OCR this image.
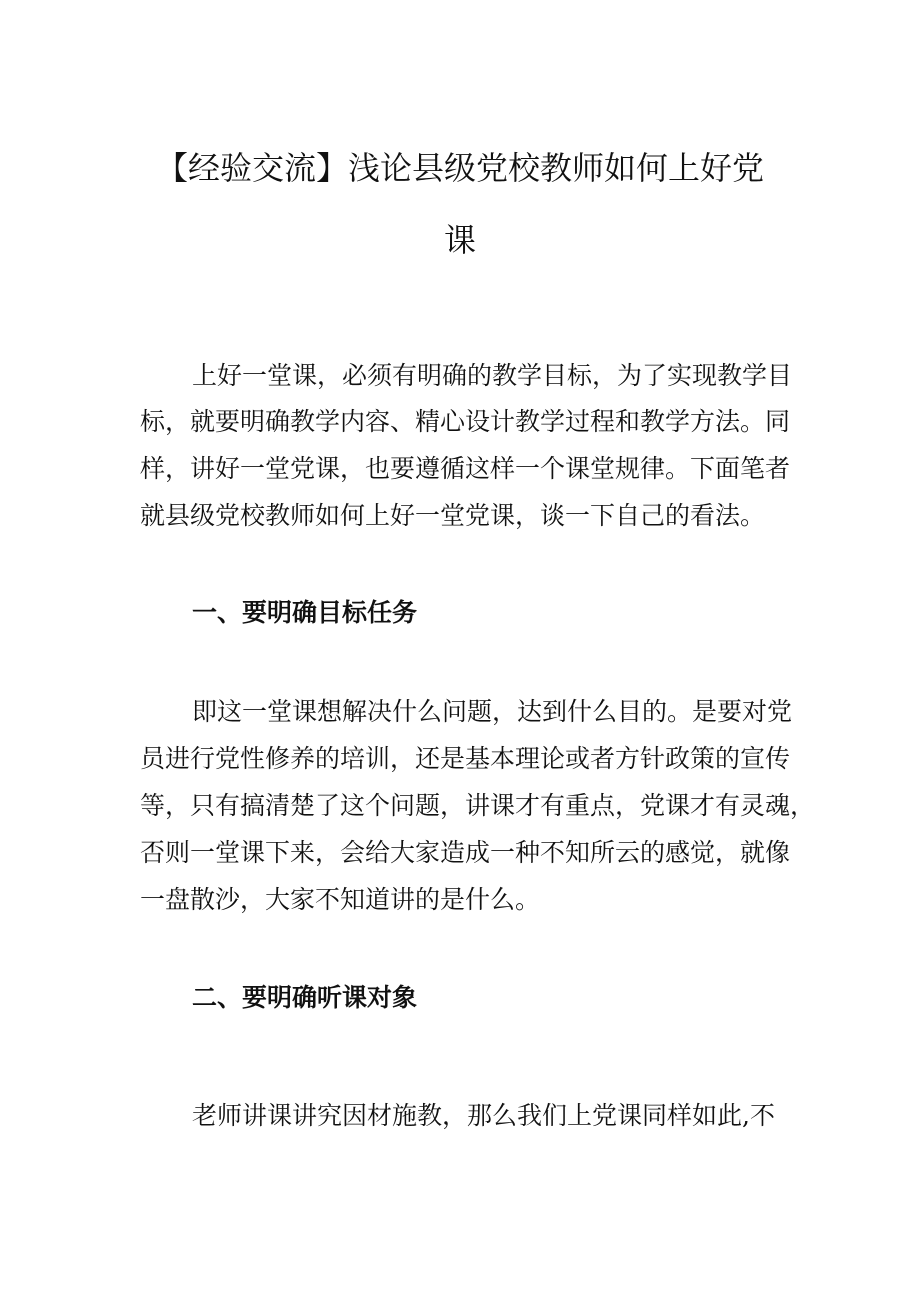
【经验交流】浅论县级党校教师如何上好党
课
上好一堂课，必须有明确的教学目标，为了实现教学目
标，就要明确教学内容、精心设计教学过程和教学方法。同
样，讲好一堂党课，也要遵循这样一个课堂规律。下面笔者
就县级党校教师如何上好一堂党课，谈一下自己的看法。
一、要明确目标任务
即这一堂课想解决什么问题，达到什么目的。是要对党
员进行党性修养的培训，还是基本理论或者方针政策的宣传
等，只有搞清楚了这个问题，讲课才有重点，党课才有灵魂，
否则一堂课下来，会给大家造成一种不知所云的感觉，就像
一盘散沙，大家不知道讲的是什么。
二、要明确听课对象
老师讲课讲究因材施教，那么我们上党课同样如此,不
